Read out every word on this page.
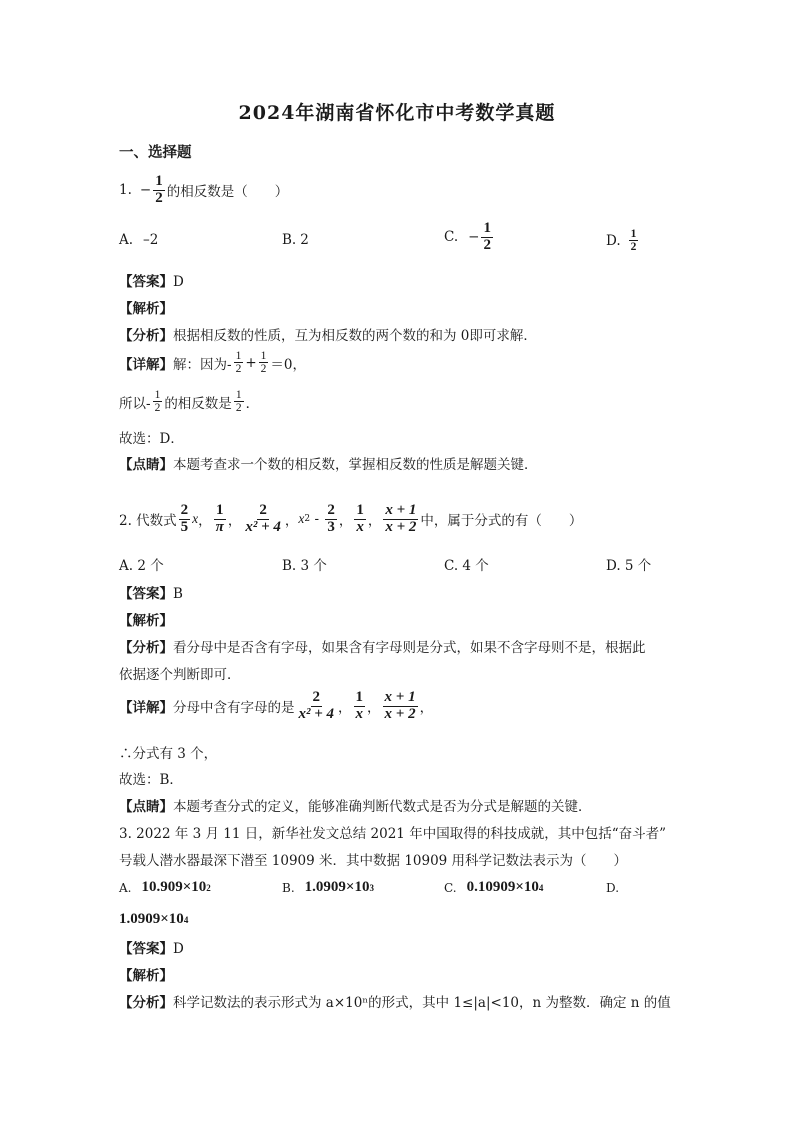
2024年湖南省怀化市中考数学真题
一、选择题
1. − $\frac{1}{2}$ 的相反数是（　　）
A. –2	B. 2	C. − $\frac{1}{2}$	D. $\frac{1}{2}$
【答案】D
【解析】
【分析】根据相反数的性质，互为相反数的两个数的和为 0即可求解．
【详解】 解：因为- $\frac{1}{2} + \frac{1}{2} =0$，
所以- $\frac{1}{2}$ 的相反数是 $\frac{1}{2}$ ．
故选：D．
【点睛】本题考查求一个数的相反数，掌握相反数的性质是解题关键．
2. 代数式 $\frac{2}{5}$ x ， $\frac{1}{\pi}$ ， $\frac{2}{\text{x² + 4}}$ ， x $2 - \frac{2}{3}$ ， $\frac{1}{x}$ ， $\frac{x + 1}{x + 2}$ 中，属于分式的有（　　）
A. 2 个	B. 3 个	C. 4 个	D. 5 个
【答案】B
【解析】
【分析】看分母中是否含有字母，如果含有字母则是分式，如果不含字母则不是，根据此
依据逐个判断即可．
【详解】 分母中含有字母的是 $\frac{2}{\text{x² + 4}}$ ， $\frac{1}{x}$ ， $\frac{x + 1}{x + 2}$ ，
∴分式有 3 个，
故选：B．
【点睛】本题考查分式的定义，能够准确判断代数式是否为分式是解题的关键．
3. 2022 年 3 月 11 日，新华社发文总结 2021 年中国取得的科技成就，其中包括“奋斗者”
号载人潜水器最深下潜至 10909 米．其中数据 10909 用科学记数法表示为（　　）
A. 10.909×10 2	B. 1.0909×10 3	C. 0.10909×10 4	D.
1.0909×10 4
【答案】D
【解析】
【分析】科学记数法的表示形式为 a×10ⁿ的形式，其中 1≤|a|<10，n 为整数．确定 n 的值
